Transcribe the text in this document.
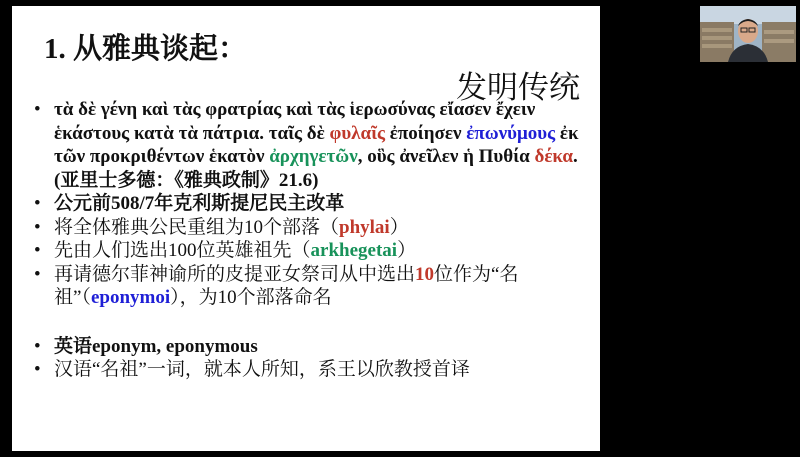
1. 从雅典谈起：
发明传统
• τὰ δὲ γένη καὶ τὰς φρατρίας καὶ τὰς ἱερωσύνας εἴασεν ἔχειν ἑκάστους κατὰ τὰ πάτρια. ταῖς δὲ φυλαῖς ἐποίησεν ἐπωνύμους ἐκ τῶν προκριθέντων ἑκατὸν ἀρχηγετῶν, οὓς ἀνεῖλεν ἡ Πυθία δέκα. (亚里士多德：《雅典政制》21.6)
• 公元前508/7年克利斯提尼民主改革
• 将全体雅典公民重组为10个部落（phylai）
• 先由人们选出100位英雄祖先（arkhegetai）
• 再请德尔菲神谕所的皮提亚女祭司从中选出10位作为“名祖”（eponymoi），为10个部落命名
• 英语eponym, eponymous
• 汉语“名祖”一词，就本人所知，系王以欣教授首译
